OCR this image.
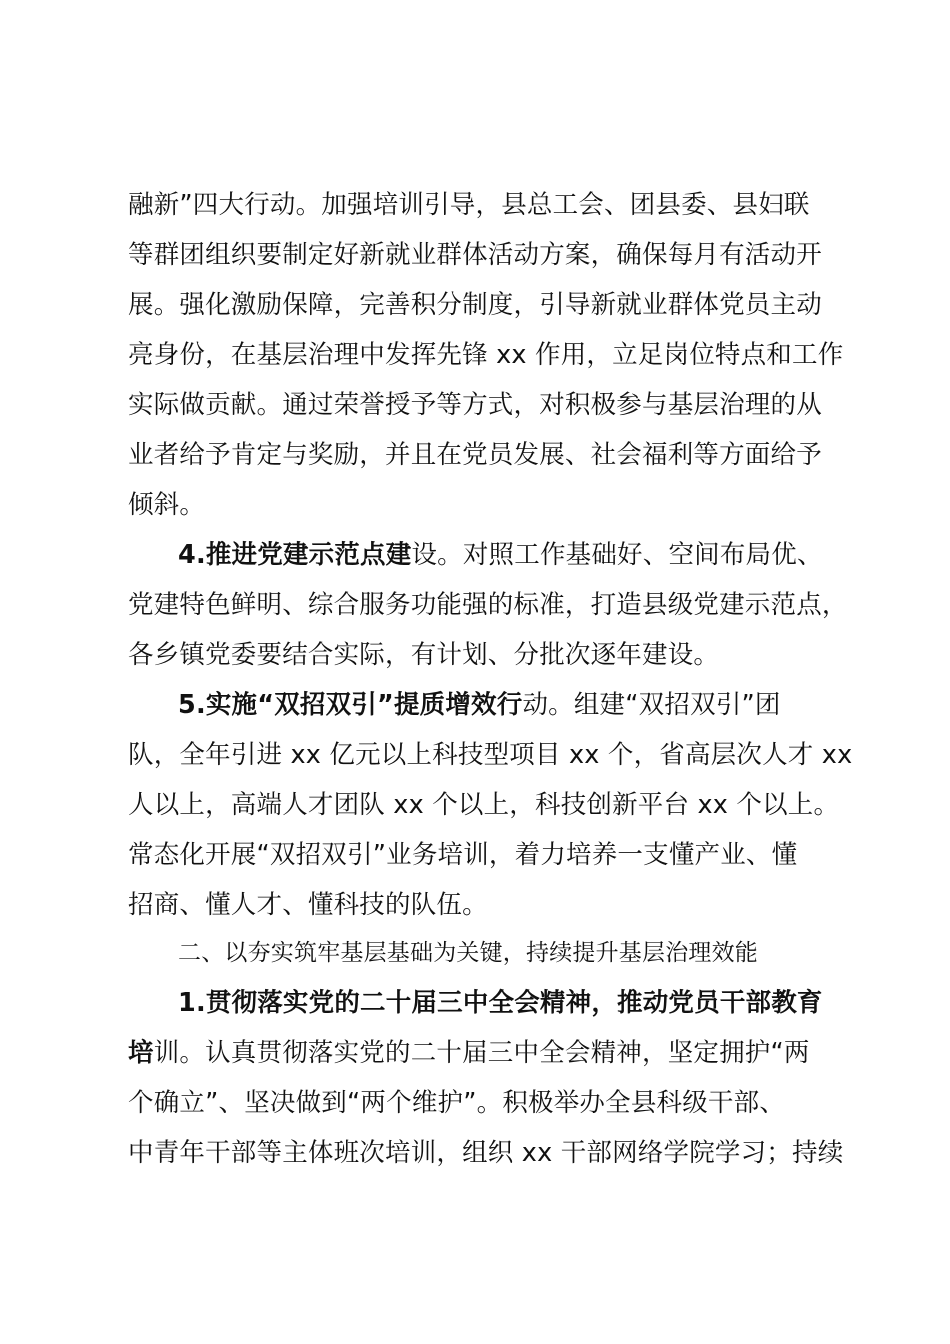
融新”四大行动。加强培训引导，县总工会、团县委、县妇联
等群团组织要制定好新就业群体活动方案，确保每月有活动开
展。强化激励保障，完善积分制度，引导新就业群体党员主动
亮身份，在基层治理中发挥先锋 xx 作用，立足岗位特点和工作
实际做贡献。通过荣誉授予等方式，对积极参与基层治理的从
业者给予肯定与奖励，并且在党员发展、社会福利等方面给予
倾斜。
4.推进党建示范点建设。对照工作基础好、空间布局优、
党建特色鲜明、综合服务功能强的标准，打造县级党建示范点，
各乡镇党委要结合实际，有计划、分批次逐年建设。
5.实施“双招双引”提质增效行动。组建“双招双引”团
队，全年引进 xx 亿元以上科技型项目 xx 个，省高层次人才 xx
人以上，高端人才团队 xx 个以上，科技创新平台 xx 个以上。
常态化开展“双招双引”业务培训，着力培养一支懂产业、懂
招商、懂人才、懂科技的队伍。
二、以夯实筑牢基层基础为关键，持续提升基层治理效能
1.贯彻落实党的二十届三中全会精神，推动党员干部教育
培训。认真贯彻落实党的二十届三中全会精神，坚定拥护“两
个确立”、坚决做到“两个维护”。积极举办全县科级干部、
中青年干部等主体班次培训，组织 xx 干部网络学院学习；持续
